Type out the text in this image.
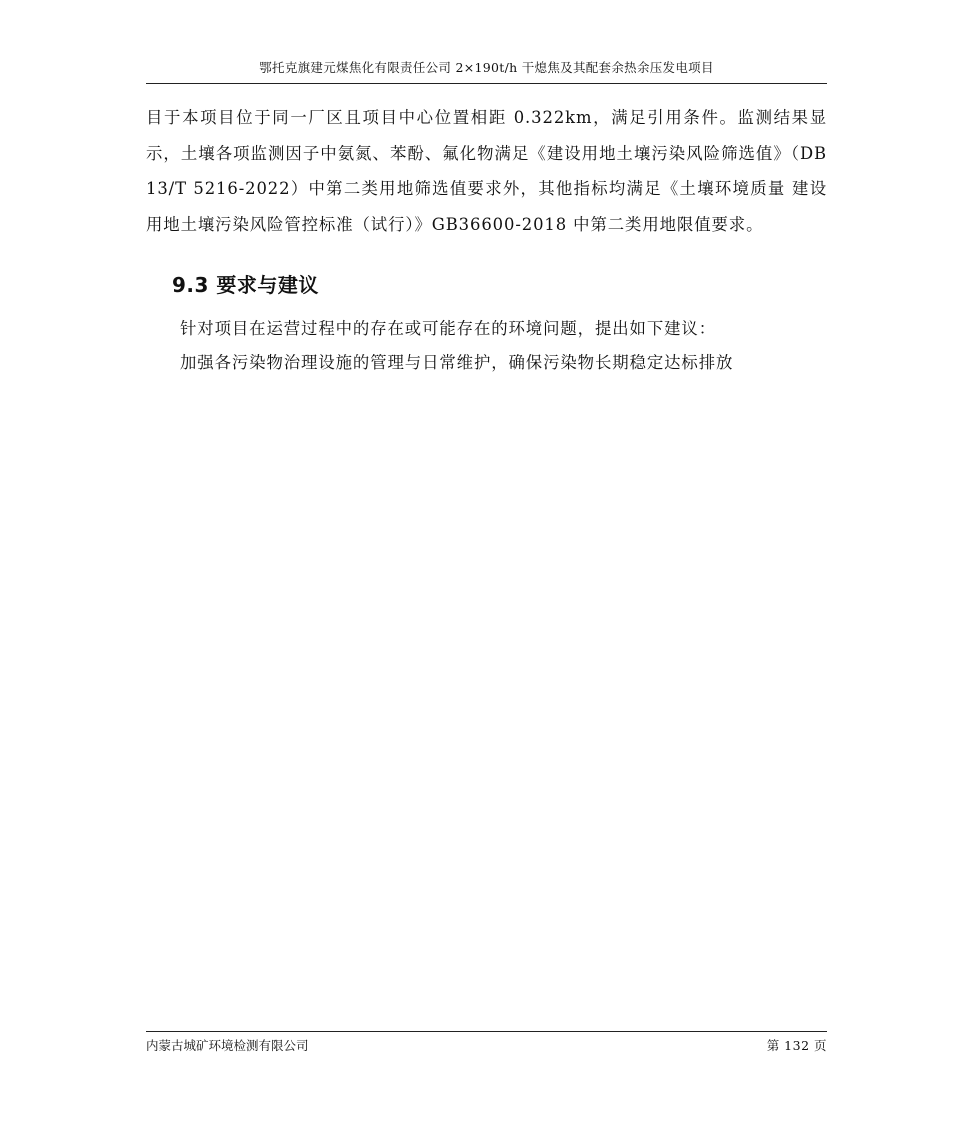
鄂托克旗建元煤焦化有限责任公司 2×190t/h 干熄焦及其配套余热余压发电项目

目于本项目位于同一厂区且项目中心位置相距 0.322km，满足引用条件。监测结果显示，土壤各项监测因子中氨氮、苯酚、氟化物满足《建设用地土壤污染风险筛选值》（DB13/T 5216-2022）中第二类用地筛选值要求外，其他指标均满足《土壤环境质量 建设用地土壤污染风险管控标准（试行）》GB36600-2018 中第二类用地限值要求。

9.3 要求与建议
针对项目在运营过程中的存在或可能存在的环境问题，提出如下建议：
加强各污染物治理设施的管理与日常维护，确保污染物长期稳定达标排放
内蒙古城矿环境检测有限公司	第 132 页
